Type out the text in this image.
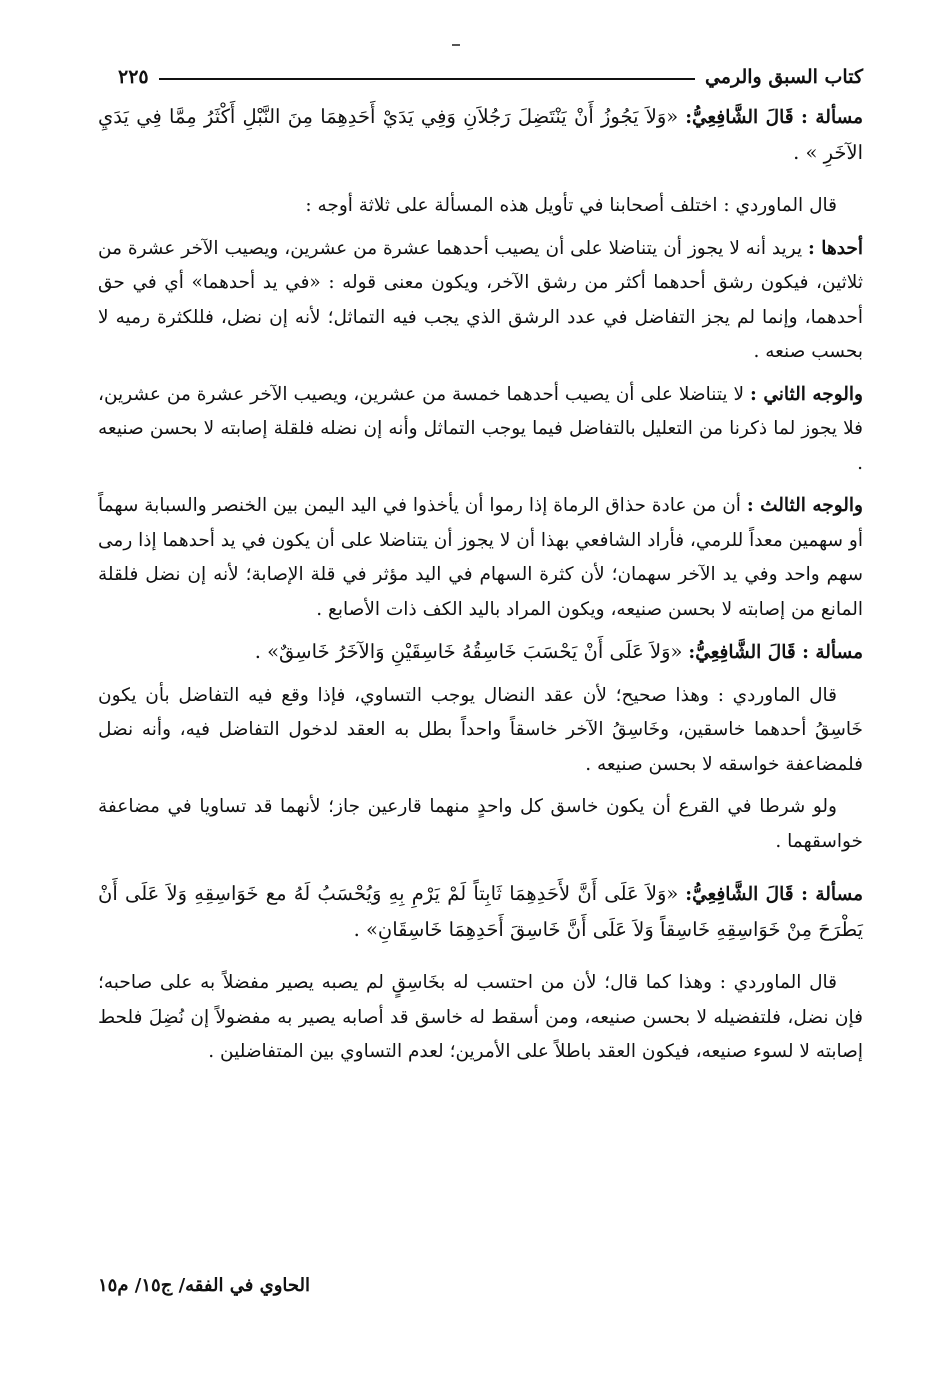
كتاب السبق والرمي
٢٢٥

مسألة : قَالَ الشَّافِعِيُّ: «وَلاَ يَجُوزُ أَنْ يَنْتَضِلَ رَجُلاَنِ وَفِي يَدَيْ أَحَدِهِمَا مِنَ النَّبْلِ أَكْثَرُ مِمَّا فِي يَدَيِ الآخَرِ » .

قال الماوردي : اختلف أصحابنا في تأويل هذه المسألة على ثلاثة أوجه :

أحدها : يريد أنه لا يجوز أن يتناضلا على أن يصيب أحدهما عشرة من عشرين، ويصيب الآخر عشرة من ثلاثين، فيكون رشق أحدهما أكثر من رشق الآخر، ويكون معنى قوله : «في يد أحدهما» أي في حق أحدهما، وإنما لم يجز التفاضل في عدد الرشق الذي يجب فيه التماثل؛ لأنه إن نضل، فللكثرة رميه لا بحسب صنعه .

والوجه الثاني : لا يتناضلا على أن يصيب أحدهما خمسة من عشرين، ويصيب الآخر عشرة من عشرين، فلا يجوز لما ذكرنا من التعليل بالتفاضل فيما يوجب التماثل وأنه إن نضله فلقلة إصابته لا بحسن صنيعه .

والوجه الثالث : أن من عادة حذاق الرماة إذا رموا أن يأخذوا في اليد اليمن بين الخنصر والسبابة سهماً أو سهمين معداً للرمي، فأراد الشافعي بهذا أن لا يجوز أن يتناضلا على أن يكون في يد أحدهما إذا رمى سهم واحد وفي يد الآخر سهمان؛ لأن كثرة السهام في اليد مؤثر في قلة الإصابة؛ لأنه إن نضل فلقلة المانع من إصابته لا بحسن صنيعه، ويكون المراد باليد الكف ذات الأصابع .

مسألة : قَالَ الشَّافِعِيُّ: «وَلاَ عَلَى أَنْ يَحْسَبَ خَاسِقُهُ خَاسِقَيْنِ وَالآخَرُ خَاسِقٌ» .

قال الماوردي : وهذا صحيح؛ لأن عقد النضال يوجب التساوي، فإذا وقع فيه التفاضل بأن يكون خَاسِقُ أحدهما خاسقين، وخَاسِقُ الآخر خاسقاً واحداً بطل به العقد لدخول التفاضل فيه، وأنه نضل فلمضاعفة خواسقه لا بحسن صنيعه .

ولو شرطا في القرع أن يكون خاسق كل واحدٍ منهما قارعين جاز؛ لأنهما قد تساويا في مضاعفة خواسقهما .

مسألة : قَالَ الشَّافِعِيُّ: «وَلاَ عَلَى أَنَّ لأَحَدِهِمَا ثَابِتاً لَمْ يَرْمِ بِهِ وَيُحْسَبُ لَهُ مع خَوَاسِقِهِ وَلاَ عَلَى أَنْ يَطْرَحَ مِنْ خَوَاسِقِهِ خَاسِقاً وَلاَ عَلَى أَنَّ خَاسِقَ أَحَدِهِمَا خَاسِقَانِ» .

قال الماوردي : وهذا كما قال؛ لأن من احتسب له بخَاسِقٍ لم يصبه يصير مفضلاً به على صاحبه؛ فإن نضل، فلتفضيله لا بحسن صنيعه، ومن أسقط له خاسق قد أصابه يصير به مفضولاً إن نُضِلَ فلحط إصابته لا لسوء صنيعه، فيكون العقد باطلاً على الأمرين؛ لعدم التساوي بين المتفاضلين .

الحاوي في الفقه/ ج١٥/ م١٥
